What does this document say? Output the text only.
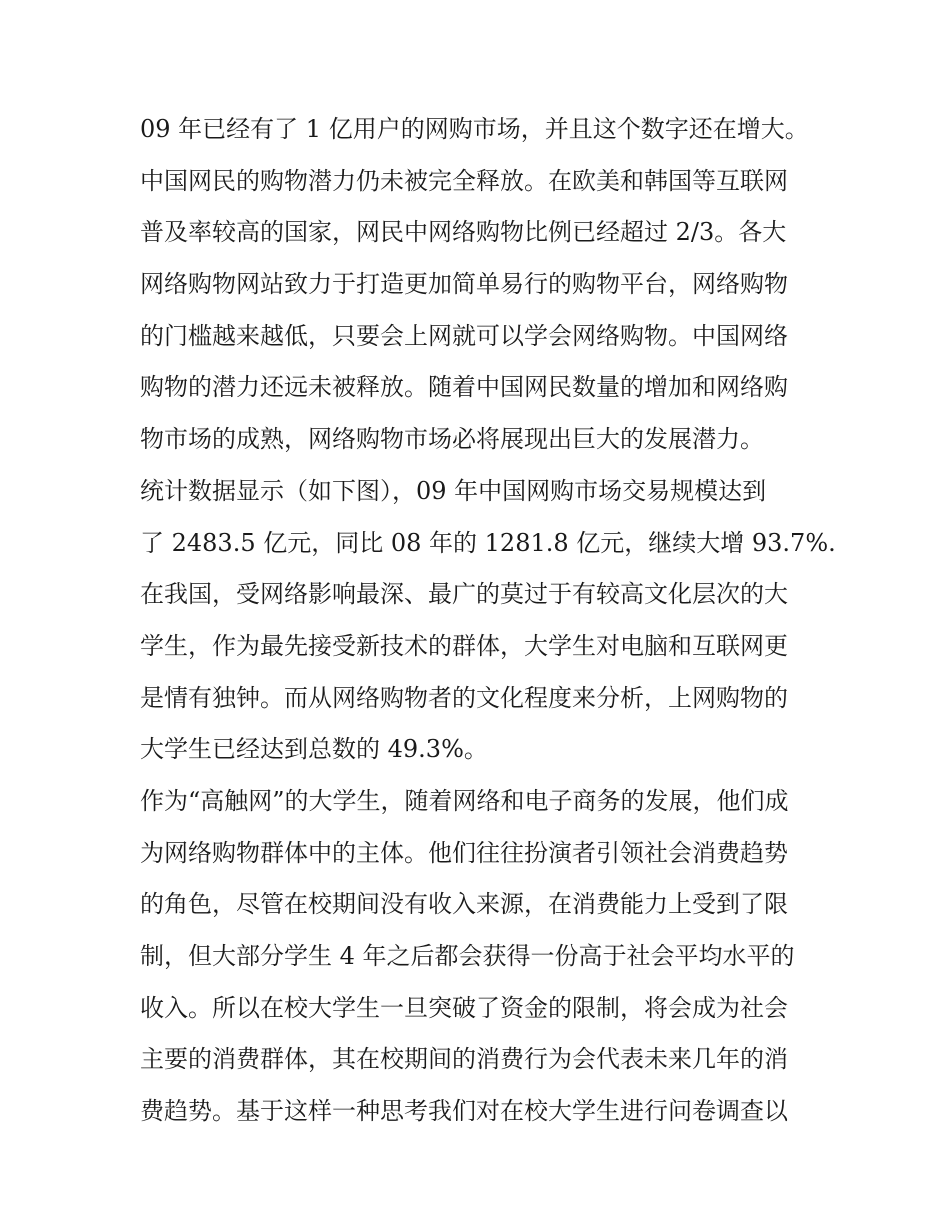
09 年已经有了 1 亿用户的网购市场，并且这个数字还在增大。

中国网民的购物潜力仍未被完全释放。在欧美和韩国等互联网
普及率较高的国家，网民中网络购物比例已经超过 2/3。各大
网络购物网站致力于打造更加简单易行的购物平台，网络购物
的门槛越来越低，只要会上网就可以学会网络购物。中国网络
购物的潜力还远未被释放。随着中国网民数量的增加和网络购
物市场的成熟，网络购物市场必将展现出巨大的发展潜力。

统计数据显示（如下图），09 年中国网购市场交易规模达到
了 2483.5 亿元，同比 08 年的 1281.8 亿元，继续大增 93.7%.

在我国，受网络影响最深、最广的莫过于有较高文化层次的大
学生，作为最先接受新技术的群体，大学生对电脑和互联网更
是情有独钟。而从网络购物者的文化程度来分析，上网购物的
大学生已经达到总数的 49.3%。

作为“高触网”的大学生，随着网络和电子商务的发展，他们成
为网络购物群体中的主体。他们往往扮演者引领社会消费趋势
的角色，尽管在校期间没有收入来源，在消费能力上受到了限
制，但大部分学生 4 年之后都会获得一份高于社会平均水平的
收入。所以在校大学生一旦突破了资金的限制，将会成为社会
主要的消费群体，其在校期间的消费行为会代表未来几年的消
费趋势。基于这样一种思考我们对在校大学生进行问卷调查以
